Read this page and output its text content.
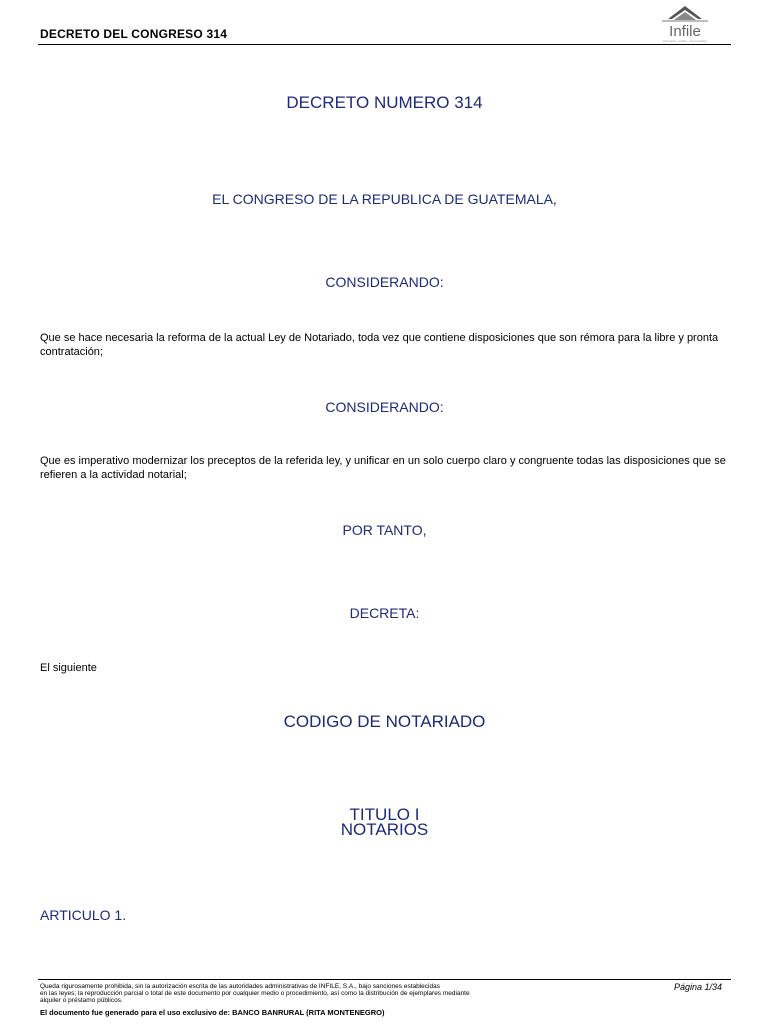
DECRETO DEL CONGRESO 314	Infile
información · análisis · documentación
DECRETO NUMERO 314
EL CONGRESO DE LA REPUBLICA DE GUATEMALA,
CONSIDERANDO:
Que se hace necesaria la reforma de la actual Ley de Notariado, toda vez que contiene disposiciones que son rémora para la libre y pronta contratación;
CONSIDERANDO:
Que es imperativo modernizar los preceptos de la referida ley, y unificar en un solo cuerpo claro y congruente todas las disposiciones que se refieren a la actividad notarial;
POR TANTO,
DECRETA:
El siguiente
CODIGO DE NOTARIADO
TITULO I
NOTARIOS
ARTICULO 1.
Queda rigurosamente prohibida, sin la autorización escrita de las autoridades administrativas de INFILE, S.A., bajo sanciones establecidas
en las leyes; la reproducción parcial o total de este documento por cualquier medio o procedimiento, así como la distribución de ejemplares mediante
alquiler o préstamo públicos.
El documento fue generado para el uso exclusivo de: BANCO BANRURAL (RITA MONTENEGRO)
Página 1/34
